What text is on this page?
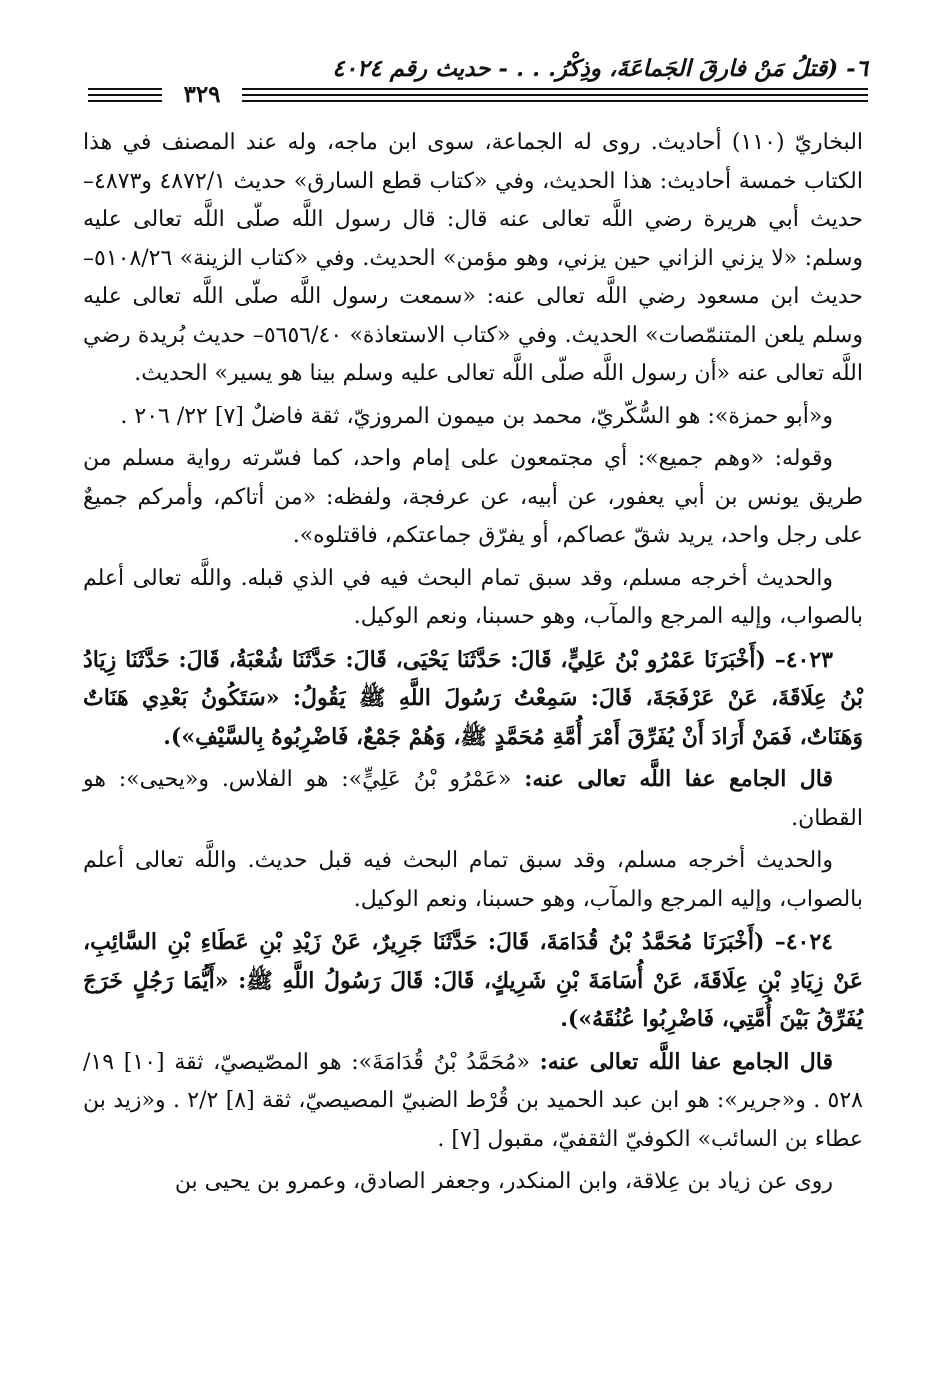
٦- (قتلُ مَنْ فارقَ الجَماعَةَ، وذِكْرُ. . . - حديث رقم ٤٠٢٤
٣٢٩

البخاريّ (١١٠) أحاديث. روى له الجماعة، سوى ابن ماجه، وله عند المصنف في هذا الكتاب خمسة أحاديث: هذا الحديث، وفي «كتاب قطع السارق» حديث ٤٨٧٢/١ و٤٨٧٣– حديث أبي هريرة رضي اللَّه تعالى عنه قال: قال رسول اللَّه صلّى اللَّه تعالى عليه وسلم: «لا يزني الزاني حين يزني، وهو مؤمن» الحديث. وفي «كتاب الزينة» ٥١٠٨/٢٦– حديث ابن مسعود رضي اللَّه تعالى عنه: «سمعت رسول اللَّه صلّى اللَّه تعالى عليه وسلم يلعن المتنمّصات» الحديث. وفي «كتاب الاستعاذة» ٥٦٥٦/٤٠– حديث بُريدة رضي اللَّه تعالى عنه «أن رسول اللَّه صلّى اللَّه تعالى عليه وسلم بينا هو يسير» الحديث.

و«أبو حمزة»: هو السُّكّريّ، محمد بن ميمون المروزيّ، ثقة فاضلٌ [٧] ٢٢/ ٢٠٦ .

وقوله: «وهم جميع»: أي مجتمعون على إمام واحد، كما فسّرته رواية مسلم من طريق يونس بن أبي يعفور، عن أبيه، عن عرفجة، ولفظه: «من أتاكم، وأمركم جميعٌ على رجل واحد، يريد شقّ عصاكم، أو يفرّق جماعتكم، فاقتلوه».

والحديث أخرجه مسلم، وقد سبق تمام البحث فيه في الذي قبله. واللَّه تعالى أعلم بالصواب، وإليه المرجع والمآب، وهو حسبنا، ونعم الوكيل.

٤٠٢٣– (أَخْبَرَنَا عَمْرُو بْنُ عَلِيٍّ، قَالَ: حَدَّثَنَا يَحْيَى، قَالَ: حَدَّثَنَا شُعْبَةُ، قَالَ: حَدَّثَنَا زِيَادُ بْنُ عِلَاقَةَ، عَنْ عَرْفَجَةَ، قَالَ: سَمِعْتُ رَسُولَ اللَّهِ ﷺ يَقُولُ: «سَتَكُونُ بَعْدِي هَنَاتٌ وَهَنَاتٌ، فَمَنْ أَرَادَ أَنْ يُفَرِّقَ أَمْرَ أُمَّةِ مُحَمَّدٍ ﷺ، وَهُمْ جَمْعٌ، فَاضْرِبُوهُ بِالسَّيْفِ»).

قال الجامع عفا اللَّه تعالى عنه: «عَمْرُو بْنُ عَلِيٍّ»: هو الفلاس. و«يحيى»: هو القطان.

والحديث أخرجه مسلم، وقد سبق تمام البحث فيه قبل حديث. واللَّه تعالى أعلم بالصواب، وإليه المرجع والمآب، وهو حسبنا، ونعم الوكيل.

٤٠٢٤– (أَخْبَرَنَا مُحَمَّدُ بْنُ قُدَامَةَ، قَالَ: حَدَّثَنَا جَرِيرٌ، عَنْ زَيْدِ بْنِ عَطَاءِ بْنِ السَّائِبِ، عَنْ زِيَادِ بْنِ عِلَاقَةَ، عَنْ أُسَامَةَ بْنِ شَرِيكٍ، قَالَ: قَالَ رَسُولُ اللَّهِ ﷺ: «أَيُّمَا رَجُلٍ خَرَجَ يُفَرِّقُ بَيْنَ أُمَّتِي، فَاضْرِبُوا عُنُقَهُ»).

قال الجامع عفا اللَّه تعالى عنه: «مُحَمَّدُ بْنُ قُدَامَةَ»: هو المصّيصيّ، ثقة [١٠] ١٩/ ٥٢٨ . و«جرير»: هو ابن عبد الحميد بن قُرْط الضبيّ المصيصيّ، ثقة [٨] ٢/٢ . و«زيد بن عطاء بن السائب» الكوفيّ الثقفيّ، مقبول [٧] .

روى عن زياد بن عِلاقة، وابن المنكدر، وجعفر الصادق، وعمرو بن يحيى بن
